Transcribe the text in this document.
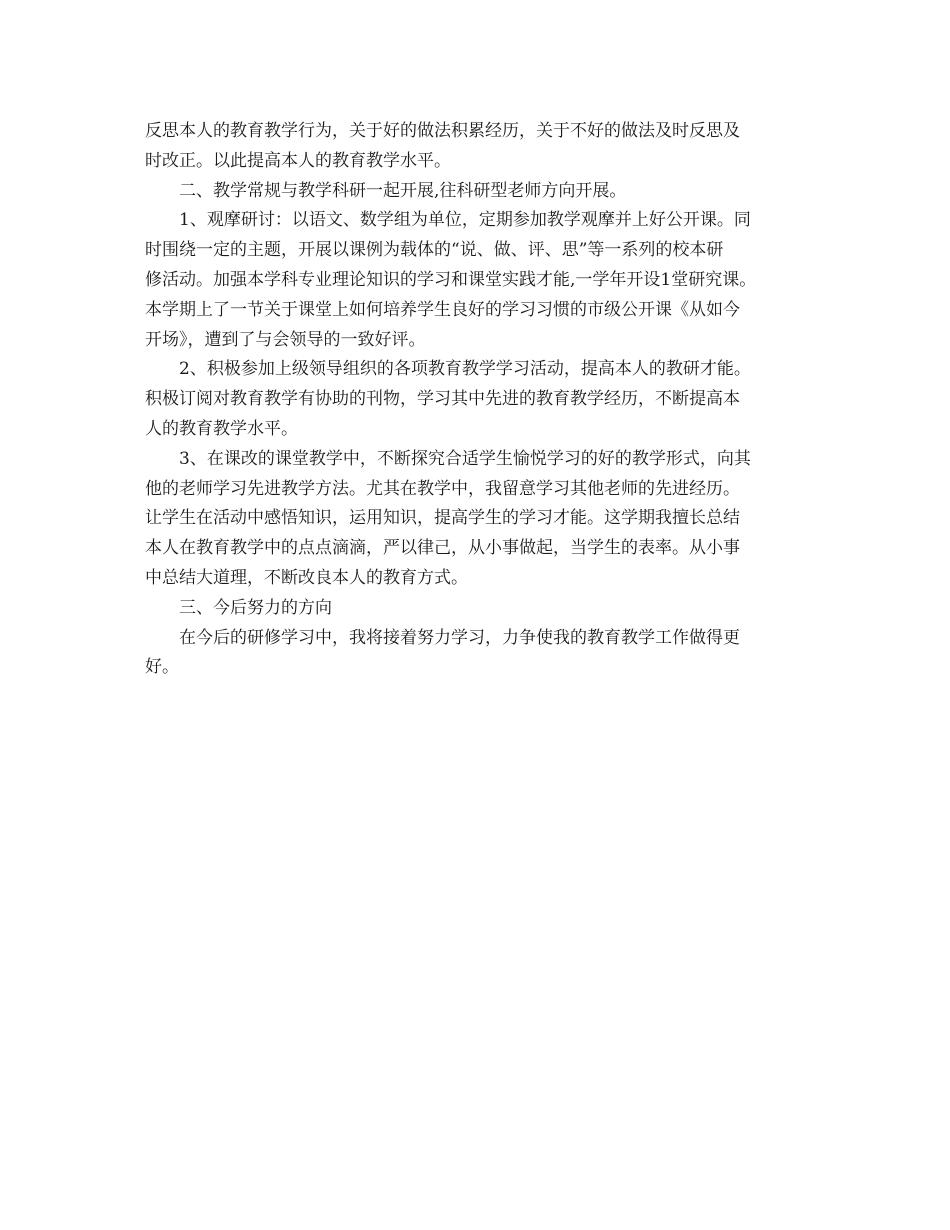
反思本人的教育教学行为，关于好的做法积累经历，关于不好的做法及时反思及
时改正。以此提高本人的教育教学水平。
二、教学常规与教学科研一起开展,往科研型老师方向开展。
1、观摩研讨：以语文、数学组为单位，定期参加教学观摩并上好公开课。同
时围绕一定的主题，开展以课例为载体的“说、做、评、思”等一系列的校本研
修活动。加强本学科专业理论知识的学习和课堂实践才能,一学年开设1堂研究课。
本学期上了一节关于课堂上如何培养学生良好的学习习惯的市级公开课《从如今
开场》，遭到了与会领导的一致好评。
2、积极参加上级领导组织的各项教育教学学习活动，提高本人的教研才能。
积极订阅对教育教学有协助的刊物，学习其中先进的教育教学经历，不断提高本
人的教育教学水平。
3、在课改的课堂教学中，不断探究合适学生愉悦学习的好的教学形式，向其
他的老师学习先进教学方法。尤其在教学中，我留意学习其他老师的先进经历。
让学生在活动中感悟知识，运用知识，提高学生的学习才能。这学期我擅长总结
本人在教育教学中的点点滴滴，严以律己，从小事做起，当学生的表率。从小事
中总结大道理，不断改良本人的教育方式。
三、今后努力的方向
在今后的研修学习中，我将接着努力学习，力争使我的教育教学工作做得更
好。
